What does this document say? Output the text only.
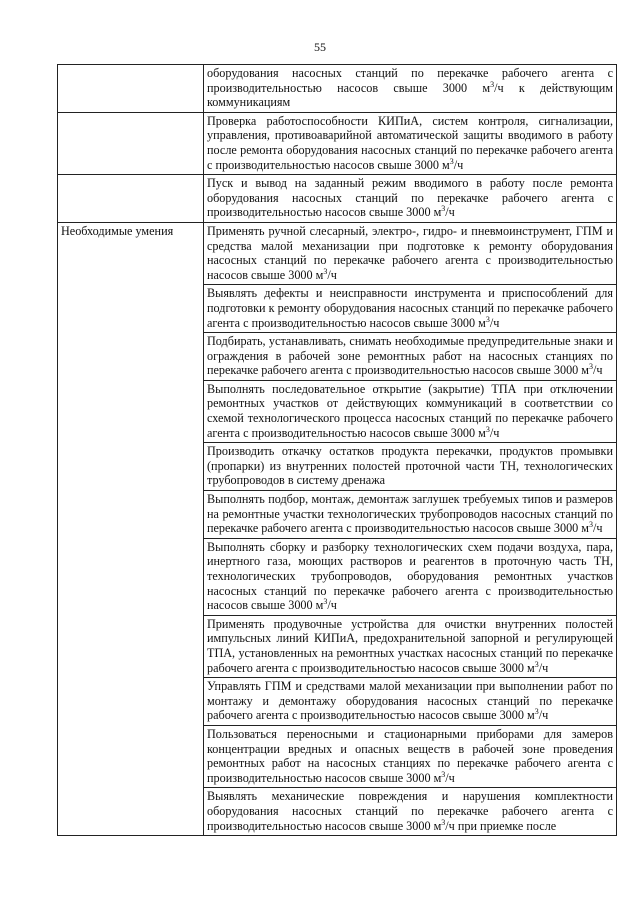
55
	оборудования насосных станций по перекачке рабочего агента с производительностью насосов свыше 3000 $м^3/ч$ к действующим коммуникациям
	Проверка работоспособности КИПиА, систем контроля, сигнализации, управления, противоаварийной автоматической защиты вводимого в работу после ремонта оборудования насосных станций по перекачке рабочего агента с производительностью насосов свыше 3000 $м^3/ч$
	Пуск и вывод на заданный режим вводимого в работу после ремонта оборудования насосных станций по перекачке рабочего агента с производительностью насосов свыше 3000 $м^3/ч$
Необходимые умения	Применять ручной слесарный, электро-, гидро- и пневмоинструмент, ГПМ и средства малой механизации при подготовке к ремонту оборудования насосных станций по перекачке рабочего агента с производительностью насосов свыше 3000 $м^3/ч$
	Выявлять дефекты и неисправности инструмента и приспособлений для подготовки к ремонту оборудования насосных станций по перекачке рабочего агента с производительностью насосов свыше 3000 $м^3/ч$
	Подбирать, устанавливать, снимать необходимые предупредительные знаки и ограждения в рабочей зоне ремонтных работ на насосных станциях по перекачке рабочего агента с производительностью насосов свыше 3000 $м^3/ч$
	Выполнять последовательное открытие (закрытие) ТПА при отключении ремонтных участков от действующих коммуникаций в соответствии со схемой технологического процесса насосных станций по перекачке рабочего агента с производительностью насосов свыше 3000 $м^3/ч$
	Производить откачку остатков продукта перекачки, продуктов промывки (пропарки) из внутренних полостей проточной части ТН, технологических трубопроводов в систему дренажа
	Выполнять подбор, монтаж, демонтаж заглушек требуемых типов и размеров на ремонтные участки технологических трубопроводов насосных станций по перекачке рабочего агента с производительностью насосов свыше 3000 $м^3/ч$
	Выполнять сборку и разборку технологических схем подачи воздуха, пара, инертного газа, моющих растворов и реагентов в проточную часть ТН, технологических трубопроводов, оборудования ремонтных участков насосных станций по перекачке рабочего агента с производительностью насосов свыше 3000 $м^3/ч$
	Применять продувочные устройства для очистки внутренних полостей импульсных линий КИПиА, предохранительной запорной и регулирующей ТПА, установленных на ремонтных участках насосных станций по перекачке рабочего агента с производительностью насосов свыше 3000 $м^3/ч$
	Управлять ГПМ и средствами малой механизации при выполнении работ по монтажу и демонтажу оборудования насосных станций по перекачке рабочего агента с производительностью насосов свыше 3000 $м^3/ч$
	Пользоваться переносными и стационарными приборами для замеров концентрации вредных и опасных веществ в рабочей зоне проведения ремонтных работ на насосных станциях по перекачке рабочего агента с производительностью насосов свыше 3000 $м^3/ч$
	Выявлять механические повреждения и нарушения комплектности оборудования насосных станций по перекачке рабочего агента с производительностью насосов свыше 3000 $м^3/ч$ при приемке после
